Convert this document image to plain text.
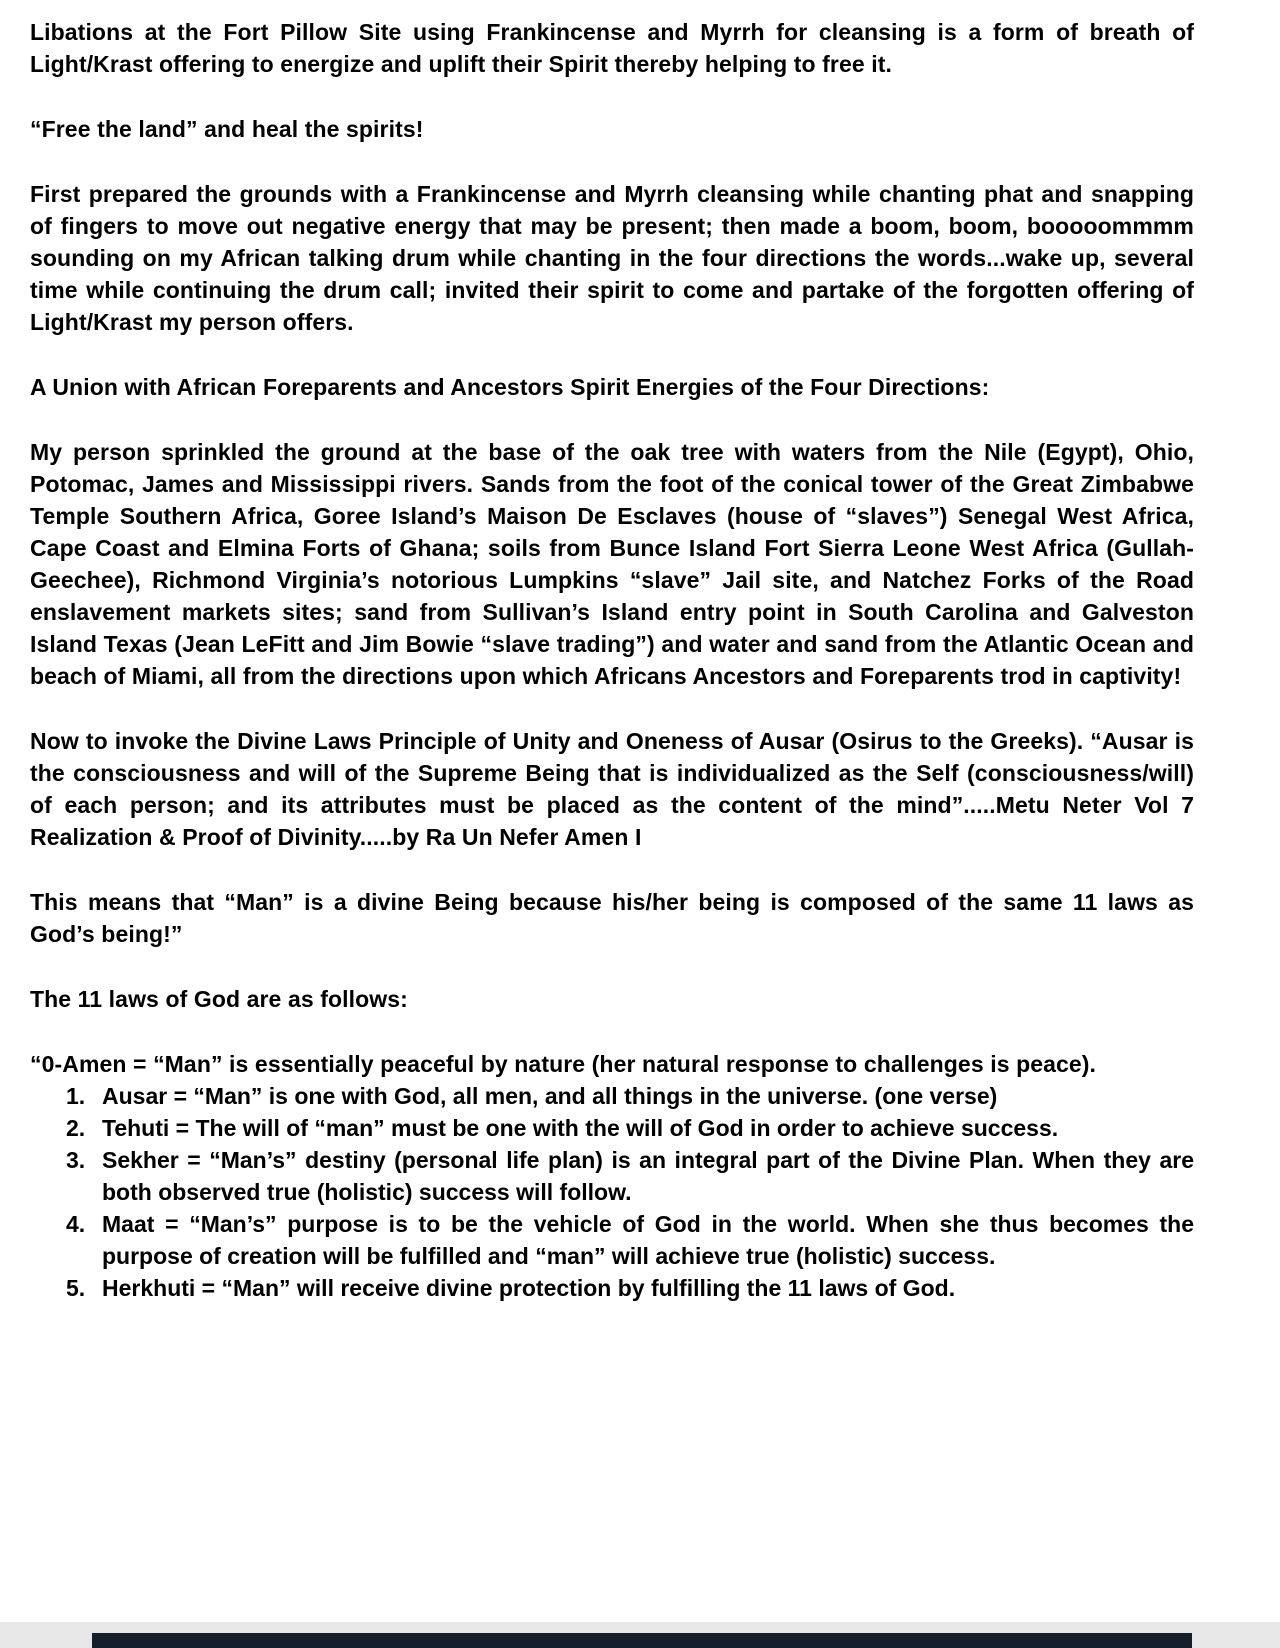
Libations at the Fort Pillow Site using Frankincense and Myrrh for cleansing is a form of breath of Light/Krast offering to energize and uplift their Spirit thereby helping to free it.

“Free the land” and heal the spirits!

First prepared the grounds with a Frankincense and Myrrh cleansing while chanting phat and snapping of fingers to move out negative energy that may be present; then made a boom, boom, booooommmm sounding on my African talking drum while chanting in the four directions the words...wake up, several time while continuing the drum call; invited their spirit to come and partake of the forgotten offering of Light/Krast my person offers.

A Union with African Foreparents and Ancestors Spirit Energies of the Four Directions:

My person sprinkled the ground at the base of the oak tree with waters from the Nile (Egypt), Ohio, Potomac, James and Mississippi rivers. Sands from the foot of the conical tower of the Great Zimbabwe Temple Southern Africa, Goree Island’s Maison De Esclaves (house of “slaves”) Senegal West Africa, Cape Coast and Elmina Forts of Ghana; soils from Bunce Island Fort Sierra Leone West Africa (Gullah-Geechee), Richmond Virginia’s notorious Lumpkins “slave” Jail site, and Natchez Forks of the Road enslavement markets sites; sand from Sullivan’s Island entry point in South Carolina and Galveston Island Texas (Jean LeFitt and Jim Bowie “slave trading”) and water and sand from the Atlantic Ocean and beach of Miami, all from the directions upon which Africans Ancestors and Foreparents trod in captivity!

Now to invoke the Divine Laws Principle of Unity and Oneness of Ausar (Osirus to the Greeks). “Ausar is the consciousness and will of the Supreme Being that is individualized as the Self (consciousness/will) of each person; and its attributes must be placed as the content of the mind”.....Metu Neter Vol 7 Realization & Proof of Divinity.....by Ra Un Nefer Amen I

This means that “Man” is a divine Being because his/her being is composed of the same 11 laws as God’s being!”

The 11 laws of God are as follows:

“0-Amen = “Man” is essentially peaceful by nature (her natural response to challenges is peace).

1. Ausar = “Man” is one with God, all men, and all things in the universe. (one verse)
2. Tehuti = The will of “man” must be one with the will of God in order to achieve success.
3. Sekher = “Man’s” destiny (personal life plan) is an integral part of the Divine Plan. When they are both observed true (holistic) success will follow.
4. Maat = “Man’s” purpose is to be the vehicle of God in the world. When she thus becomes the purpose of creation will be fulfilled and “man” will achieve true (holistic) success.
5. Herkhuti = “Man” will receive divine protection by fulfilling the 11 laws of God.
